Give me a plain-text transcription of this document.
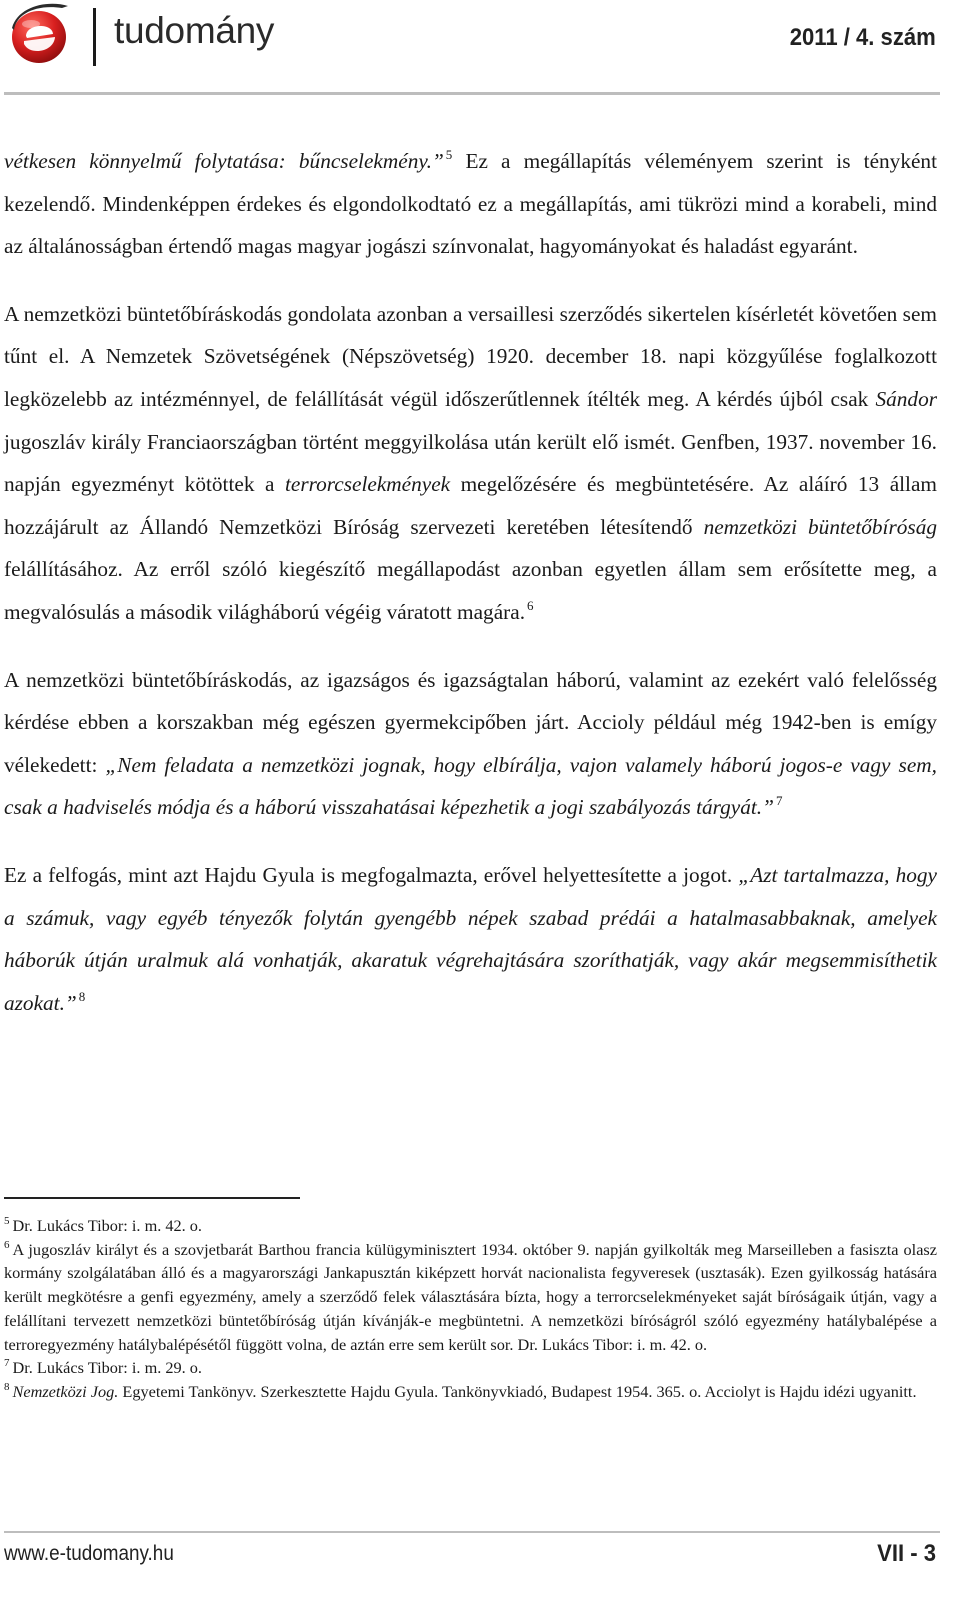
tudomány	2011 / 4. szám

vétkesen könnyelmű folytatása: bűncselekmény.” $^5$ Ez a megállapítás véleményem szerint is tényként kezelendő. Mindenképpen érdekes és elgondolkodtató ez a megállapítás, ami tükrözi mind a korabeli, mind az általánosságban értendő magas magyar jogászi színvonalat, hagyományokat és haladást egyaránt.

A nemzetközi büntetőbíráskodás gondolata azonban a versaillesi szerződés sikertelen kísérletét követően sem tűnt el. A Nemzetek Szövetségének (Népszövetség) 1920. december 18. napi közgyűlése foglalkozott legközelebb az intézménnyel, de felállítását végül időszerűtlennek ítélték meg. A kérdés újból csak Sándor jugoszláv király Franciaországban történt meggyilkolása után került elő ismét. Genfben, 1937. november 16. napján egyezményt kötöttek a terrorcselekmények megelőzésére és megbüntetésére. Az aláíró 13 állam hozzájárult az Állandó Nemzetközi Bíróság szervezeti keretében létesítendő nemzetközi büntetőbíróság felállításához. Az erről szóló kiegészítő megállapodást azonban egyetlen állam sem erősítette meg, a megvalósulás a második világháború végéig váratott magára. $^6$

A nemzetközi büntetőbíráskodás, az igazságos és igazságtalan háború, valamint az ezekért való felelősség kérdése ebben a korszakban még egészen gyermekcipőben járt. Accioly például még 1942-ben is emígy vélekedett: „Nem feladata a nemzetközi jognak, hogy elbírálja, vajon valamely háború jogos-e vagy sem, csak a hadviselés módja és a háború visszahatásai képezhetik a jogi szabályozás tárgyát.” $^7$

Ez a felfogás, mint azt Hajdu Gyula is megfogalmazta, erővel helyettesítette a jogot. „Azt tartalmazza, hogy a számuk, vagy egyéb tényezők folytán gyengébb népek szabad prédái a hatalmasabbaknak, amelyek háborúk útján uralmuk alá vonhatják, akaratuk végrehajtására szoríthatják, vagy akár megsemmisíthetik azokat.” $^8$

$^5$ Dr. Lukács Tibor: i. m. 42. o.

$^6$ A jugoszláv királyt és a szovjetbarát Barthou francia külügyminisztert 1934. október 9. napján gyilkolták meg Marseilleben a fasiszta olasz kormány szolgálatában álló és a magyarországi Jankapusztán kiképzett horvát nacionalista fegyveresek (usztasák). Ezen gyilkosság hatására került megkötésre a genfi egyezmény, amely a szerződő felek választására bízta, hogy a terrorcselekményeket saját bíróságaik útján, vagy a felállítani tervezett nemzetközi büntetőbíróság útján kívánják-e megbüntetni. A nemzetközi bíróságról szóló egyezmény hatálybalépése a terroregyezmény hatálybalépésétől függött volna, de aztán erre sem került sor. Dr. Lukács Tibor: i. m. 42. o.

$^7$ Dr. Lukács Tibor: i. m. 29. o.

$^8$ Nemzetközi Jog. Egyetemi Tankönyv. Szerkesztette Hajdu Gyula. Tankönyvkiadó, Budapest 1954. 365. o. Acciolyt is Hajdu idézi ugyanitt.

www.e-tudomany.hu	VII - 3
